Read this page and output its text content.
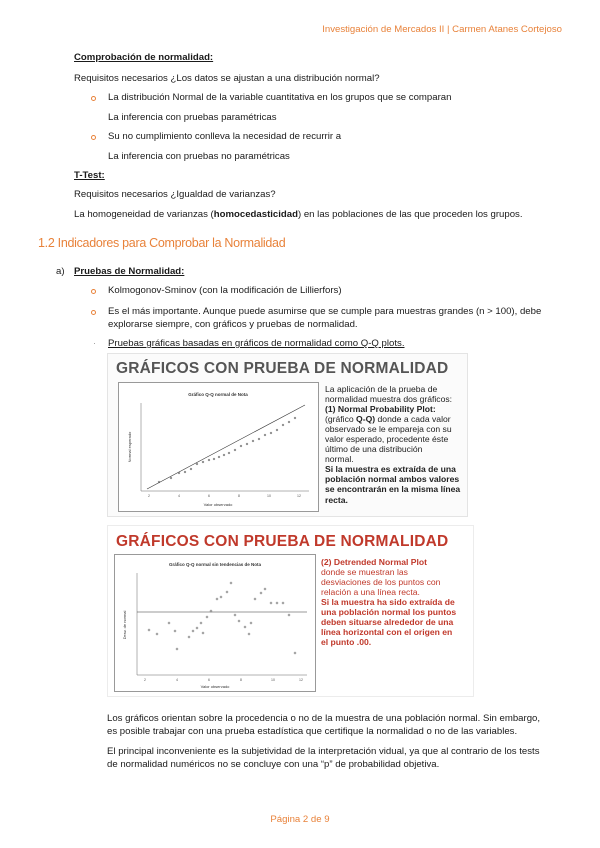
Investigación de Mercados II | Carmen Atanes Cortejoso
Comprobación de normalidad:
Requisitos necesarios ¿Los datos se ajustan a una distribución normal?
La distribución Normal de la variable cuantitativa en los grupos que se comparan
La inferencia con pruebas paramétricas
Su no cumplimiento conlleva la necesidad de recurrir a
La inferencia con pruebas no paramétricas
T-Test:
Requisitos necesarios ¿Igualdad de varianzas?
La homogeneidad de varianzas (homocedasticidad) en las poblaciones de las que proceden los grupos.
1.2 Indicadores para Comprobar la Normalidad
a) Pruebas de Normalidad:
Kolmogonov-Sminov (con la modificación de Lillierfors)
Es el más importante. Aunque puede asumirse que se cumple para muestras grandes (n > 100), debe
explorarse siempre, con gráficos y pruebas de normalidad.
· Pruebas gráficas basadas en gráficos de normalidad como Q-Q plots.
GRÁFICOS CON PRUEBA DE NORMALIDAD
Gráfico Q-Q normal de Nota
2	4	6	8	10	12
Valor observado
Normal esperado
La aplicación de la prueba de
normalidad muestra dos gráficos:
(1) Normal Probability Plot:
(gráfico Q-Q) donde a cada valor
observado se le empareja con su
valor esperado, procedente éste
último de una distribución
normal.
Si la muestra es extraída de una
población normal ambos valores
se encontrarán en la misma línea
recta.
GRÁFICOS CON PRUEBA DE NORMALIDAD
Gráfico Q-Q normal sin tendencias de Nota
2	4	6	8	10	12
Valor observado
Desv. de normal
(2) Detrended Normal Plot
donde se muestran las
desviaciones de los puntos con
relación a una línea recta.
Si la muestra ha sido extraída de
una población normal los puntos
deben situarse alrededor de una
línea horizontal con el origen en
el punto .00.
Los gráficos orientan sobre la procedencia o no de la muestra de una población normal. Sin embargo,
es posible trabajar con una prueba estadística que certifique la normalidad o no de las variables.
El principal inconveniente es la subjetividad de la interpretación vidual, ya que al contrario de los tests
de normalidad numéricos no se concluye con una “p” de probabilidad objetiva.
Página 2 de 9
